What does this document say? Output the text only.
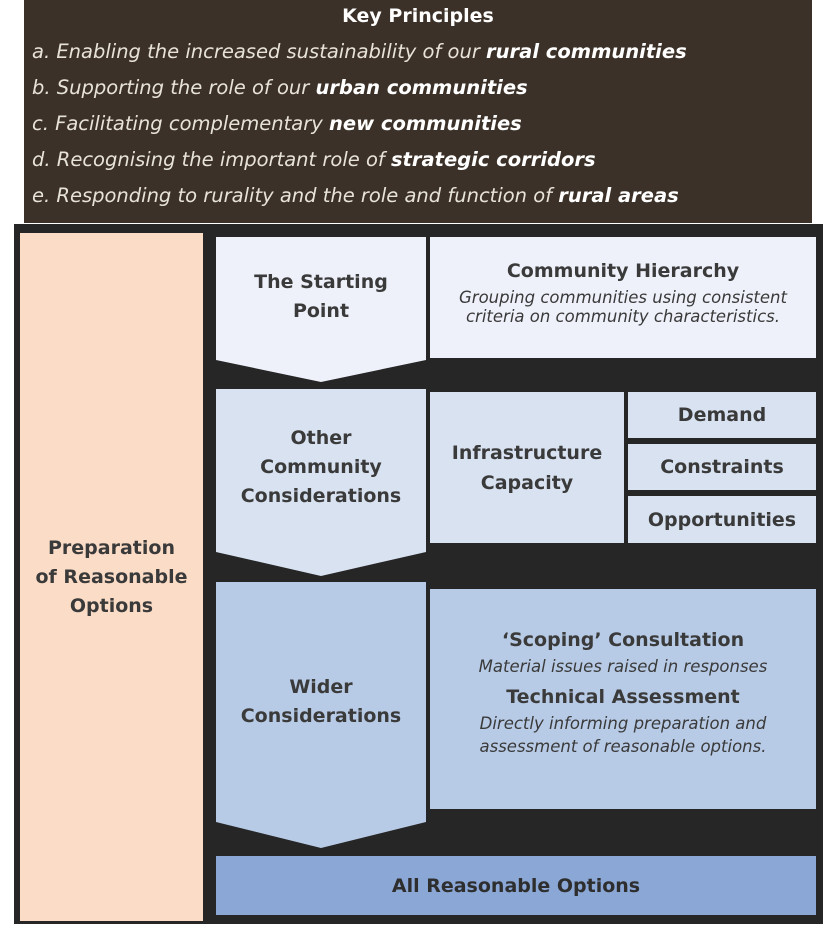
Key Principles
a. Enabling the increased sustainability of our rural communities
b. Supporting the role of our urban communities
c. Facilitating complementary new communities
d. Recognising the important role of strategic corridors
e. Responding to rurality and the role and function of rural areas
Preparation
of Reasonable
Options
The Starting
Point
Other
Community
Considerations
Wider
Considerations
Community Hierarchy
Grouping communities using consistent
criteria on community characteristics.
Infrastructure
Capacity
Demand
Constraints
Opportunities
‘Scoping’ Consultation
Material issues raised in responses
Technical Assessment
Directly informing preparation and
assessment of reasonable options.
All Reasonable Options
